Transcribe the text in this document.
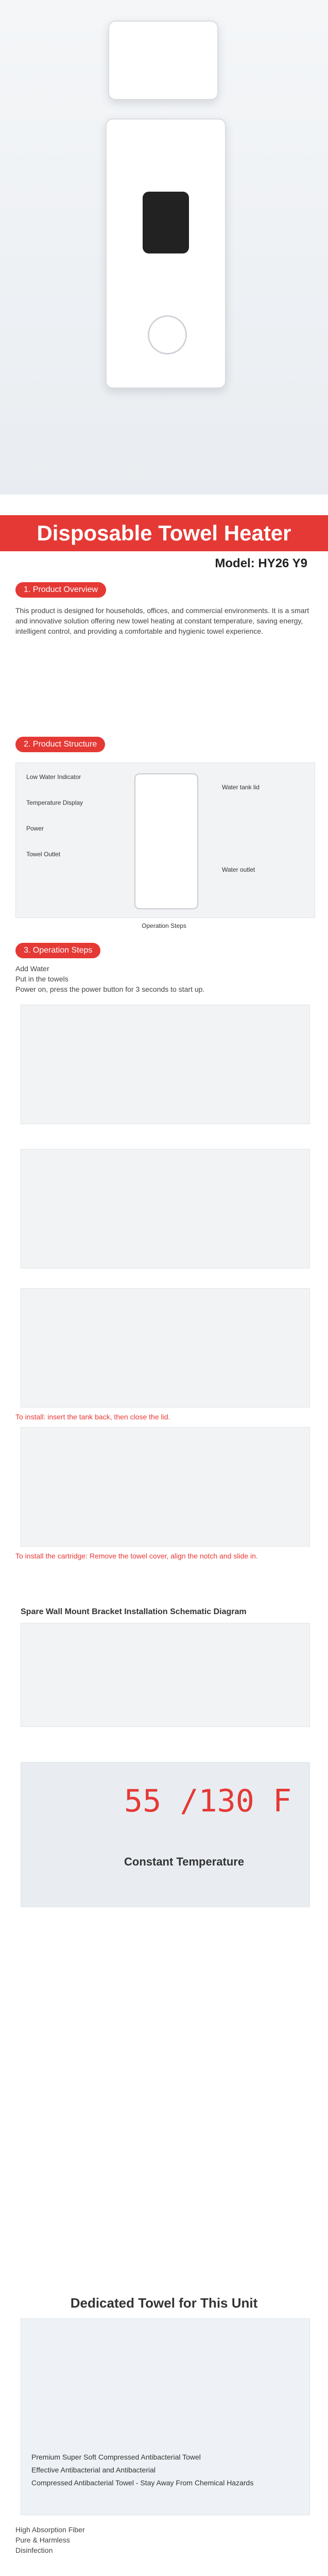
Disposable Towel Heater
Model: HY26 Y9
1. Product Overview
This product is designed for households, offices, and commercial environments. It is a smart and innovative solution offering new towel heating at constant temperature, saving energy, intelligent control, and providing a comfortable and hygienic towel experience.
2. Product Structure
Low Water Indicator
Temperature Display
Power
Towel Outlet
Water tank lid
Water outlet
Operation Steps
3. Operation Steps
Add Water
Put in the towels
Power on, press the power button for 3 seconds to start up.
To install: insert the tank back, then close the lid.
To install the cartridge: Remove the towel cover, align the notch and slide in.
Spare Wall Mount Bracket Installation Schematic Diagram
55 /130 F
Constant Temperature
Dedicated Towel for This Unit
Premium Super Soft Compressed Antibacterial Towel
Effective Antibacterial and Antibacterial
Compressed Antibacterial Towel - Stay Away From Chemical Hazards
High Absorption Fiber
Pure & Harmless
Disinfection
